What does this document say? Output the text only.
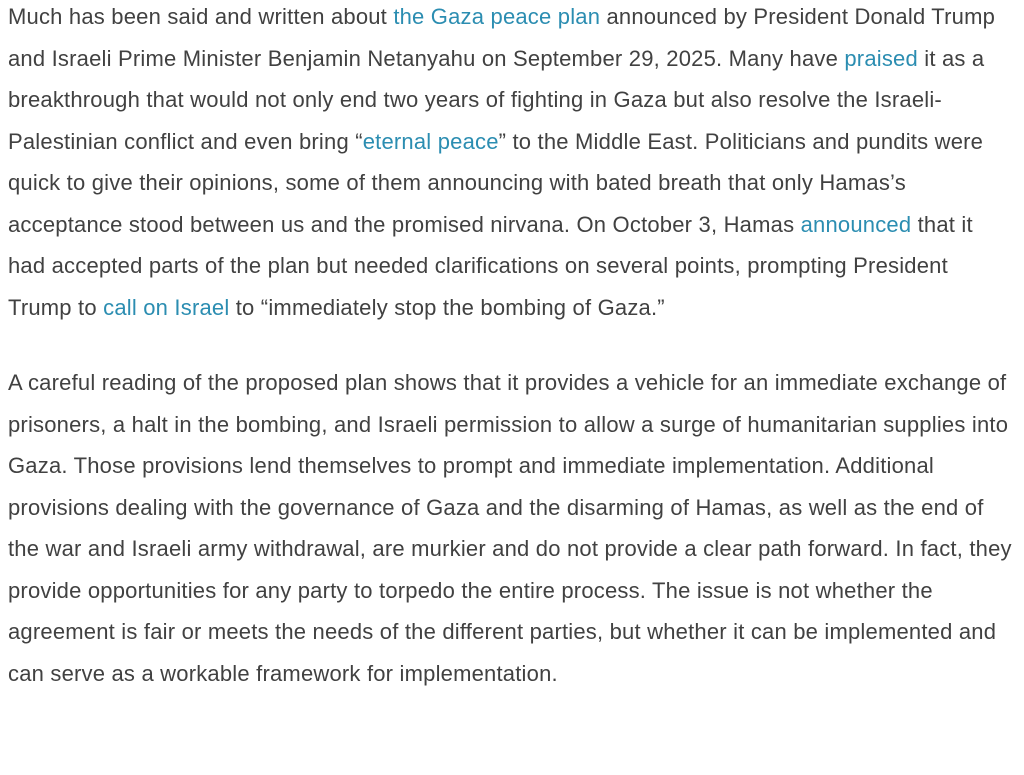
Much has been said and written about the Gaza peace plan announced by President Donald Trump and Israeli Prime Minister Benjamin Netanyahu on September 29, 2025. Many have praised it as a breakthrough that would not only end two years of fighting in Gaza but also resolve the Israeli-Palestinian conflict and even bring “eternal peace” to the Middle East. Politicians and pundits were quick to give their opinions, some of them announcing with bated breath that only Hamas’s acceptance stood between us and the promised nirvana. On October 3, Hamas announced that it had accepted parts of the plan but needed clarifications on several points, prompting President Trump to call on Israel to “immediately stop the bombing of Gaza.”

A careful reading of the proposed plan shows that it provides a vehicle for an immediate exchange of prisoners, a halt in the bombing, and Israeli permission to allow a surge of humanitarian supplies into Gaza. Those provisions lend themselves to prompt and immediate implementation. Additional provisions dealing with the governance of Gaza and the disarming of Hamas, as well as the end of the war and Israeli army withdrawal, are murkier and do not provide a clear path forward. In fact, they provide opportunities for any party to torpedo the entire process. The issue is not whether the agreement is fair or meets the needs of the different parties, but whether it can be implemented and can serve as a workable framework for implementation.
